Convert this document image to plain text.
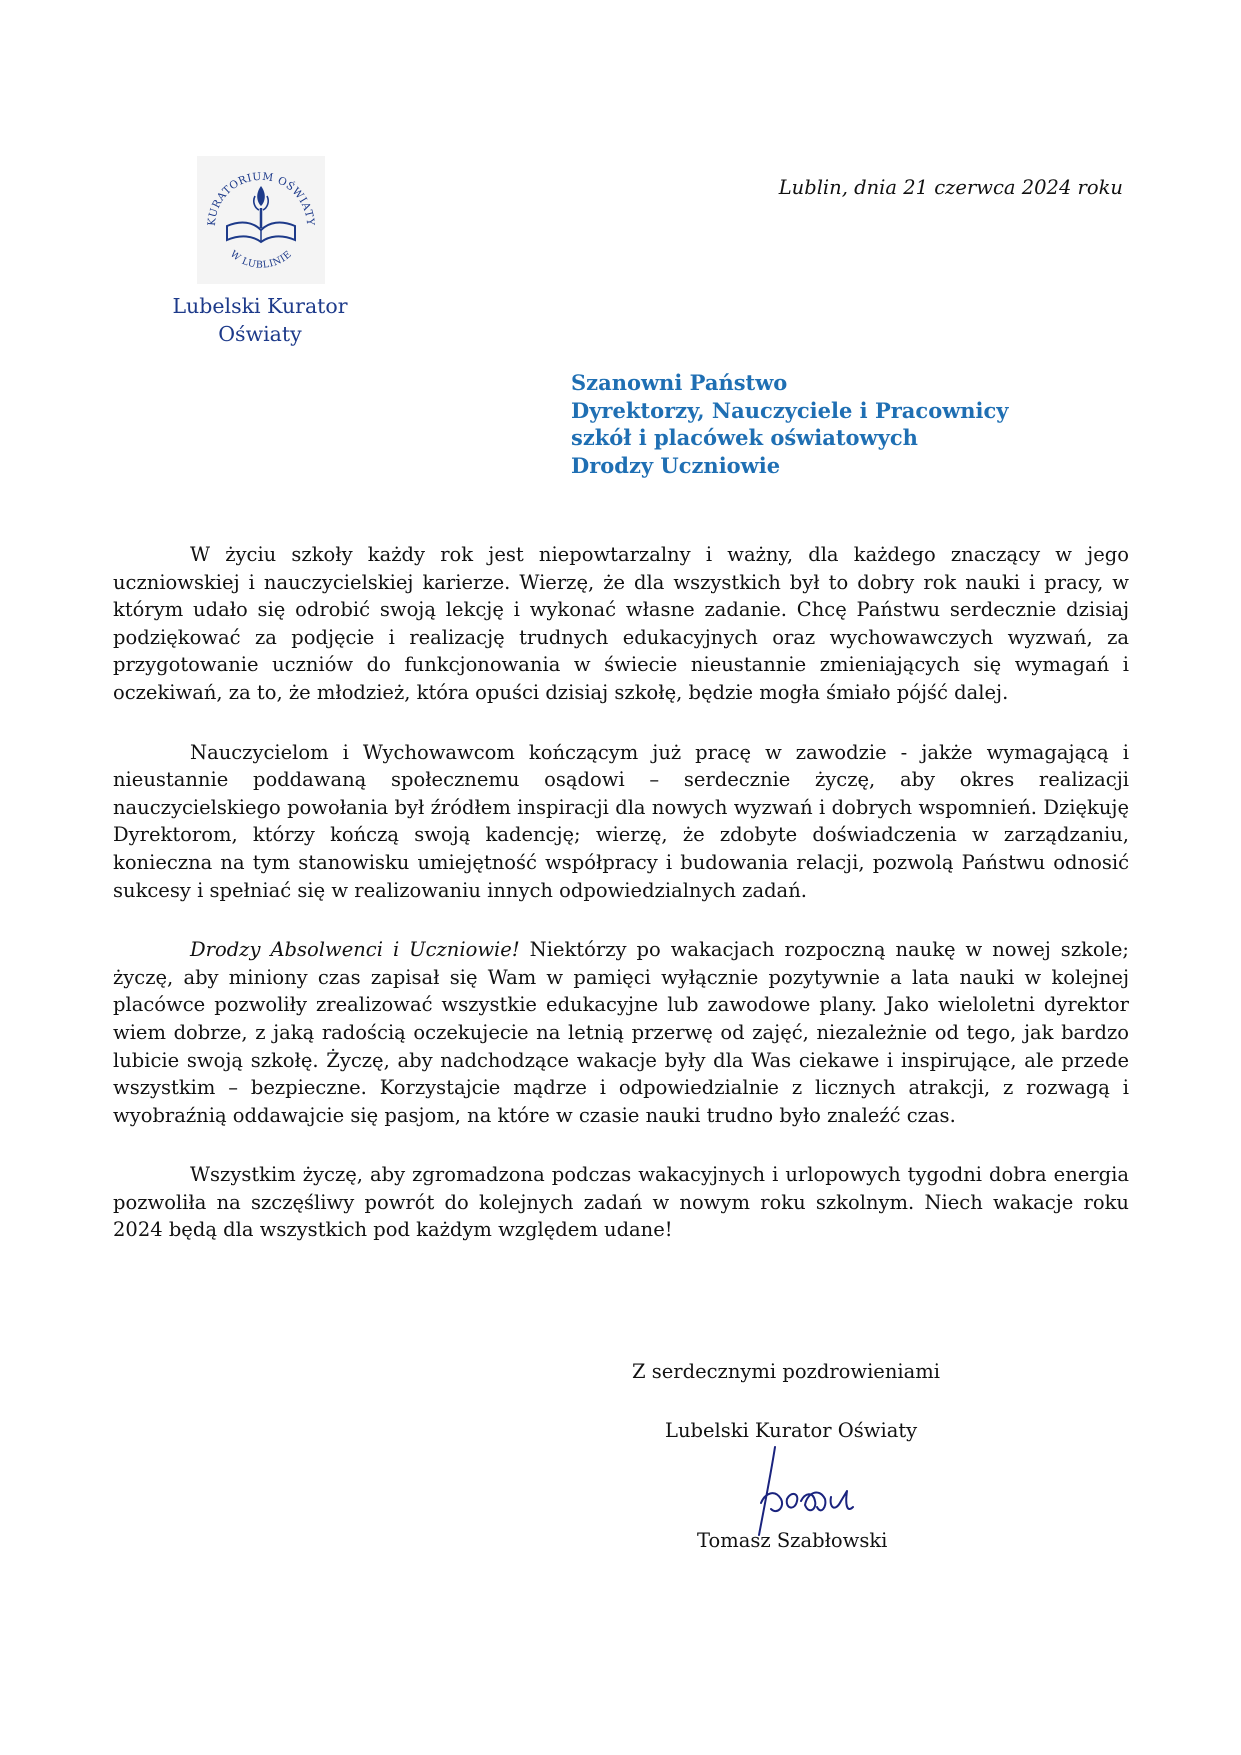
KURATORIUM OŚWIATY
W LUBLINIE
Lubelski Kurator
Oświaty
Lublin, dnia 21 czerwca 2024 roku
Szanowni Państwo
Dyrektorzy, Nauczyciele i Pracownicy
szkół i placówek oświatowych
Drodzy Uczniowie

W życiu szkoły każdy rok jest niepowtarzalny i ważny, dla każdego znaczący w jego uczniowskiej i nauczycielskiej karierze. Wierzę, że dla wszystkich był to dobry rok nauki i pracy, w którym udało się odrobić swoją lekcję i wykonać własne zadanie. Chcę Państwu serdecznie dzisiaj podziękować za podjęcie i realizację trudnych edukacyjnych oraz wychowawczych wyzwań, za przygotowanie uczniów do funkcjonowania w świecie nieustannie zmieniających się wymagań i oczekiwań, za to, że młodzież, która opuści dzisiaj szkołę, będzie mogła śmiało pójść dalej.

Nauczycielom i Wychowawcom kończącym już pracę w zawodzie - jakże wymagającą i nieustannie poddawaną społecznemu osądowi – serdecznie życzę, aby okres realizacji nauczycielskiego powołania był źródłem inspiracji dla nowych wyzwań i dobrych wspomnień. Dziękuję Dyrektorom, którzy kończą swoją kadencję; wierzę, że zdobyte doświadczenia w zarządzaniu, konieczna na tym stanowisku umiejętność współpracy i budowania relacji, pozwolą Państwu odnosić sukcesy i spełniać się w realizowaniu innych odpowiedzialnych zadań.

Drodzy Absolwenci i Uczniowie! Niektórzy po wakacjach rozpoczną naukę w nowej szkole; życzę, aby miniony czas zapisał się Wam w pamięci wyłącznie pozytywnie a lata nauki w kolejnej placówce pozwoliły zrealizować wszystkie edukacyjne lub zawodowe plany. Jako wieloletni dyrektor wiem dobrze, z jaką radością oczekujecie na letnią przerwę od zajęć, niezależnie od tego, jak bardzo lubicie swoją szkołę. Życzę, aby nadchodzące wakacje były dla Was ciekawe i inspirujące, ale przede wszystkim – bezpieczne. Korzystajcie mądrze i odpowiedzialnie z licznych atrakcji, z rozwagą i wyobraźnią oddawajcie się pasjom, na które w czasie nauki trudno było znaleźć czas.

Wszystkim życzę, aby zgromadzona podczas wakacyjnych i urlopowych tygodni dobra energia pozwoliła na szczęśliwy powrót do kolejnych zadań w nowym roku szkolnym. Niech wakacje roku 2024 będą dla wszystkich pod każdym względem udane!

Z serdecznymi pozdrowieniami
Lubelski Kurator Oświaty
Tomasz Szabłowski
